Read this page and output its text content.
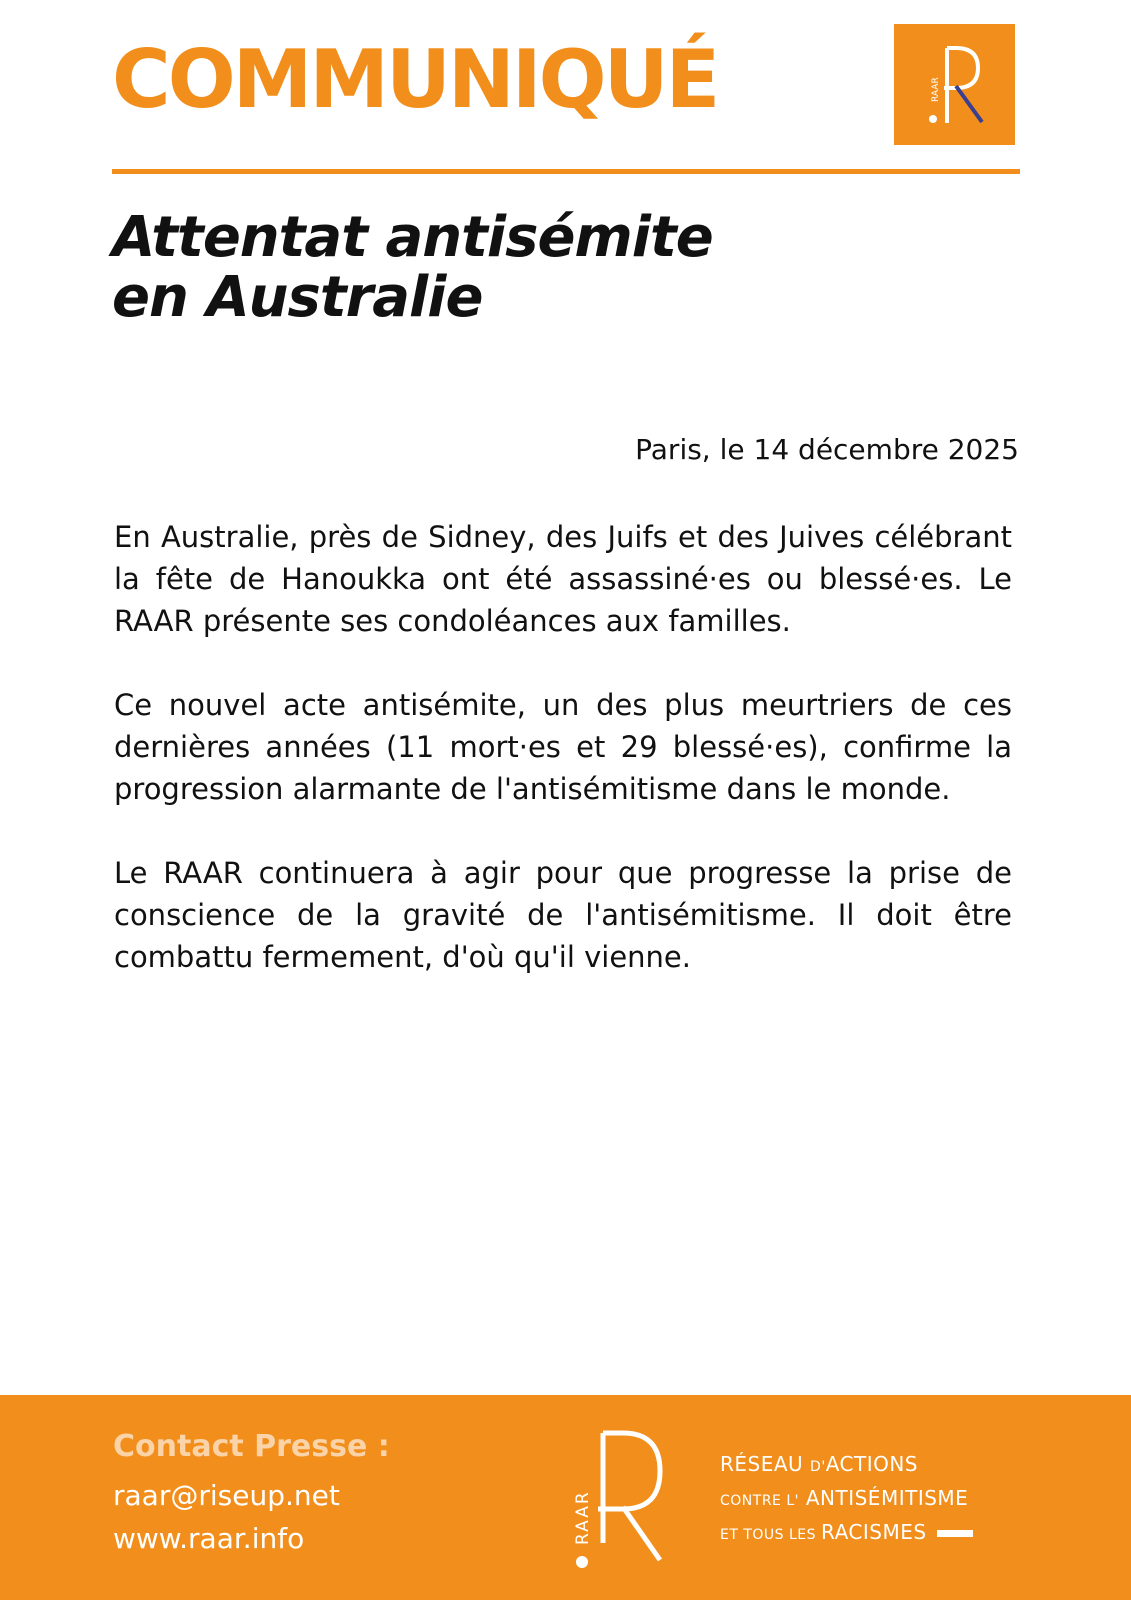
COMMUNIQUÉ	RAAR
Attentat antisémite
en Australie
Paris, le 14 décembre 2025

En Australie, près de Sidney, des Juifs et des Juives célébrant la fête de Hanoukka ont été assassiné·es ou blessé·es. Le RAAR présente ses condoléances aux familles.

Ce nouvel acte antisémite, un des plus meurtriers de ces dernières années (11 mort·es et 29 blessé·es), confirme la progression alarmante de l'antisémitisme dans le monde.

Le RAAR continuera à agir pour que progresse la prise de conscience de la gravité de l'antisémitisme. Il doit être combattu fermement, d'où qu'il vienne.

Contact Presse :
raar@riseup.net
www.raar.info	RAAR
RÉSEAU D'ACTIONS
CONTRE L' ANTISÉMITISME
ET TOUS LES RACISMES
